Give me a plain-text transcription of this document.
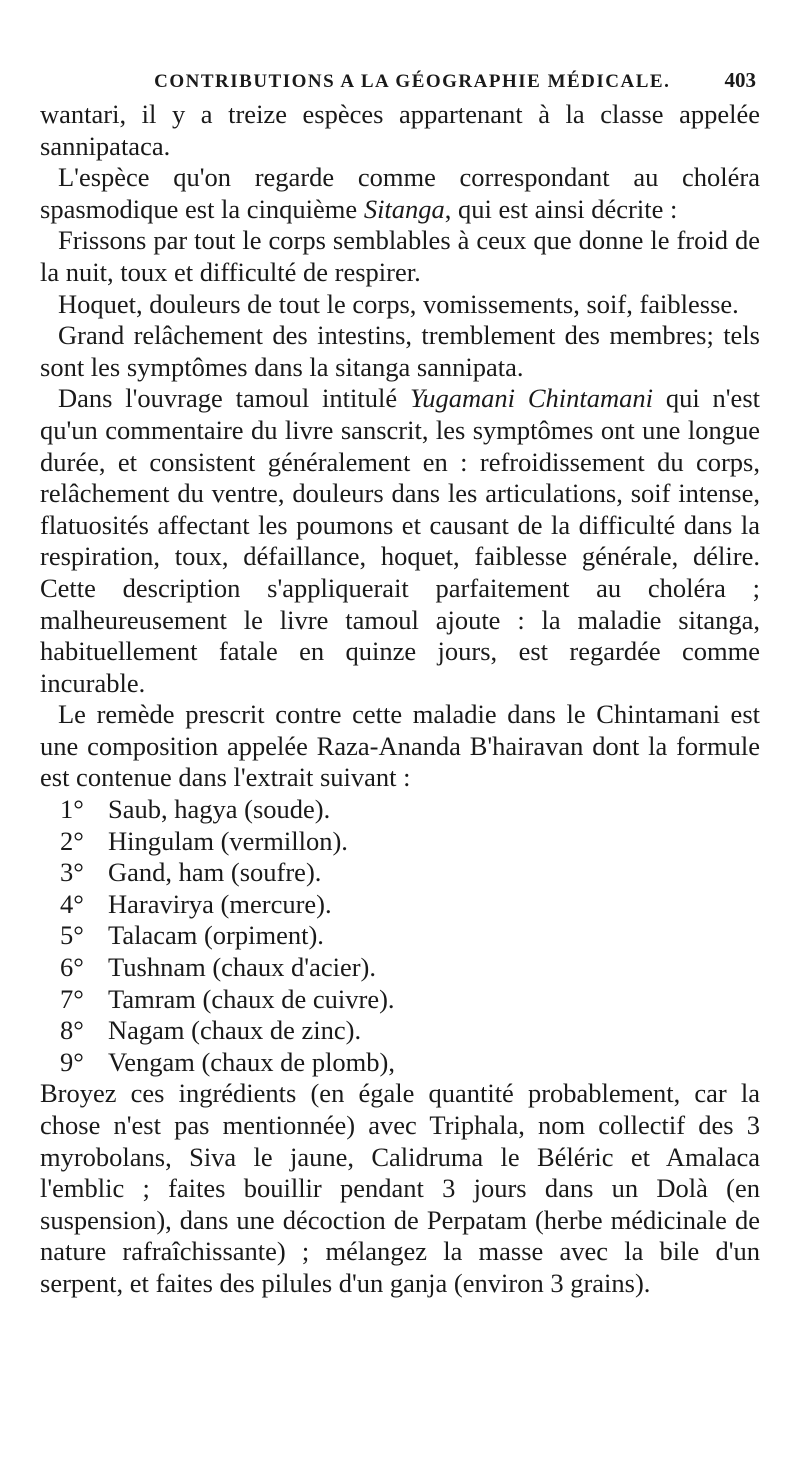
CONTRIBUTIONS A LA GÉOGRAPHIE MÉDICALE.	403

wantari, il y a treize espèces appartenant à la classe appelée sannipataca.

L'espèce qu'on regarde comme correspondant au choléra spasmodique est la cinquième Sitanga, qui est ainsi décrite :

Frissons par tout le corps semblables à ceux que donne le froid de la nuit, toux et difficulté de respirer.

Hoquet, douleurs de tout le corps, vomissements, soif, faiblesse.

Grand relâchement des intestins, tremblement des membres; tels sont les symptômes dans la sitanga sannipata.

Dans l'ouvrage tamoul intitulé Yugamani Chintamani qui n'est qu'un commentaire du livre sanscrit, les symptômes ont une longue durée, et consistent généralement en : refroidissement du corps, relâchement du ventre, douleurs dans les articulations, soif intense, flatuosités affectant les poumons et causant de la difficulté dans la respiration, toux, défaillance, hoquet, faiblesse générale, délire. Cette description s'appliquerait parfaitement au choléra ; malheureusement le livre tamoul ajoute : la maladie sitanga, habituellement fatale en quinze jours, est regardée comme incurable.

Le remède prescrit contre cette maladie dans le Chintamani est une composition appelée Raza-Ananda B'hairavan dont la formule est contenue dans l'extrait suivant :

1° Saub, hagya (soude).
2° Hingulam (vermillon).
3° Gand, ham (soufre).
4° Haravirya (mercure).
5° Talacam (orpiment).
6° Tushnam (chaux d'acier).
7° Tamram (chaux de cuivre).
8° Nagam (chaux de zinc).
9° Vengam (chaux de plomb),

Broyez ces ingrédients (en égale quantité probablement, car la chose n'est pas mentionnée) avec Triphala, nom collectif des 3 myrobolans, Siva le jaune, Calidruma le Béléric et Amalaca l'emblic ; faites bouillir pendant 3 jours dans un Dolà (en suspension), dans une décoction de Perpatam (herbe médicinale de nature rafraîchissante) ; mélangez la masse avec la bile d'un serpent, et faites des pilules d'un ganja (environ 3 grains).
